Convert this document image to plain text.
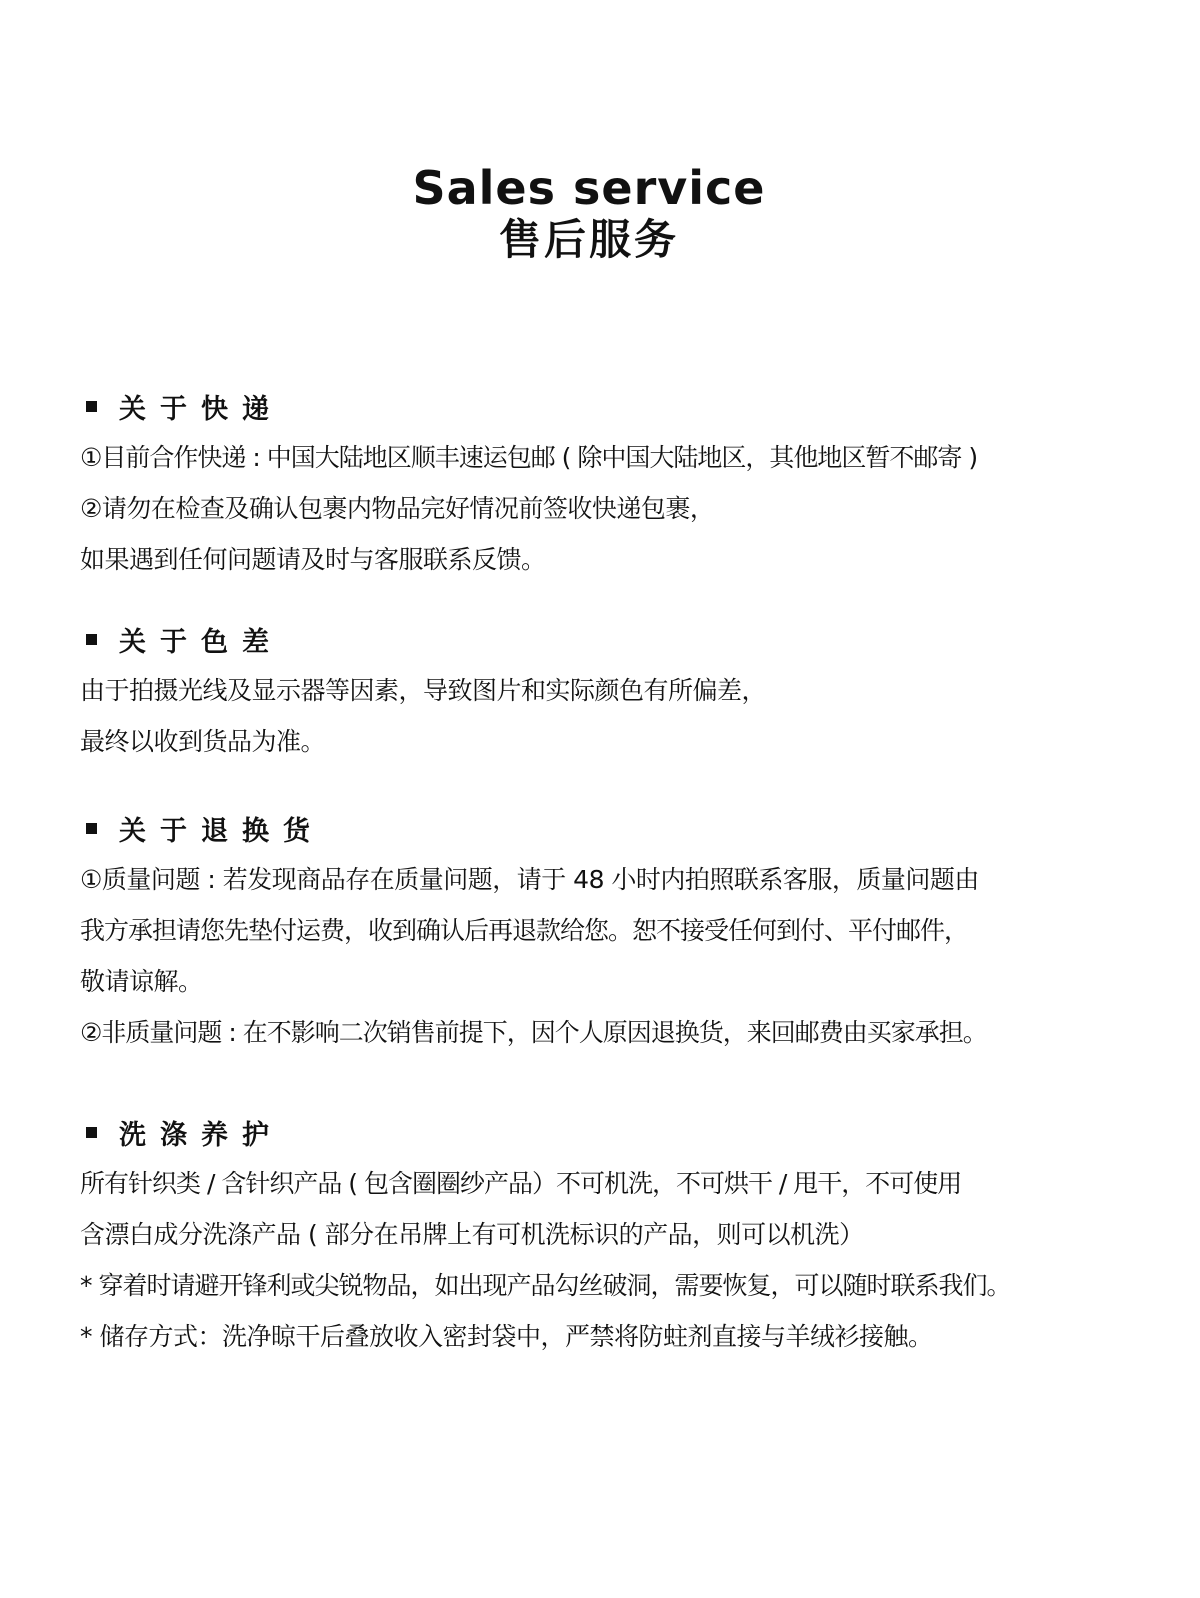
Sales service
售后服务
关于快递
①目前合作快递 : 中国大陆地区顺丰速运包邮 ( 除中国大陆地区，其他地区暂不邮寄 )
②请勿在检查及确认包裹内物品完好情况前签收快递包裹，
如果遇到任何问题请及时与客服联系反馈。
关于色差
由于拍摄光线及显示器等因素，导致图片和实际颜色有所偏差，
最终以收到货品为准。
关于退换货
①质量问题 : 若发现商品存在质量问题，请于 48 小时内拍照联系客服，质量问题由
我方承担请您先垫付运费，收到确认后再退款给您。恕不接受任何到付、平付邮件，
敬请谅解。
②非质量问题 : 在不影响二次销售前提下，因个人原因退换货，来回邮费由买家承担。
洗涤养护
所有针织类 / 含针织产品 ( 包含圈圈纱产品）不可机洗，不可烘干 / 甩干，不可使用
含漂白成分洗涤产品 ( 部分在吊牌上有可机洗标识的产品，则可以机洗）
* 穿着时请避开锋利或尖锐物品，如出现产品勾丝破洞，需要恢复，可以随时联系我们。
* 储存方式：洗净晾干后叠放收入密封袋中，严禁将防蛀剂直接与羊绒衫接触。
